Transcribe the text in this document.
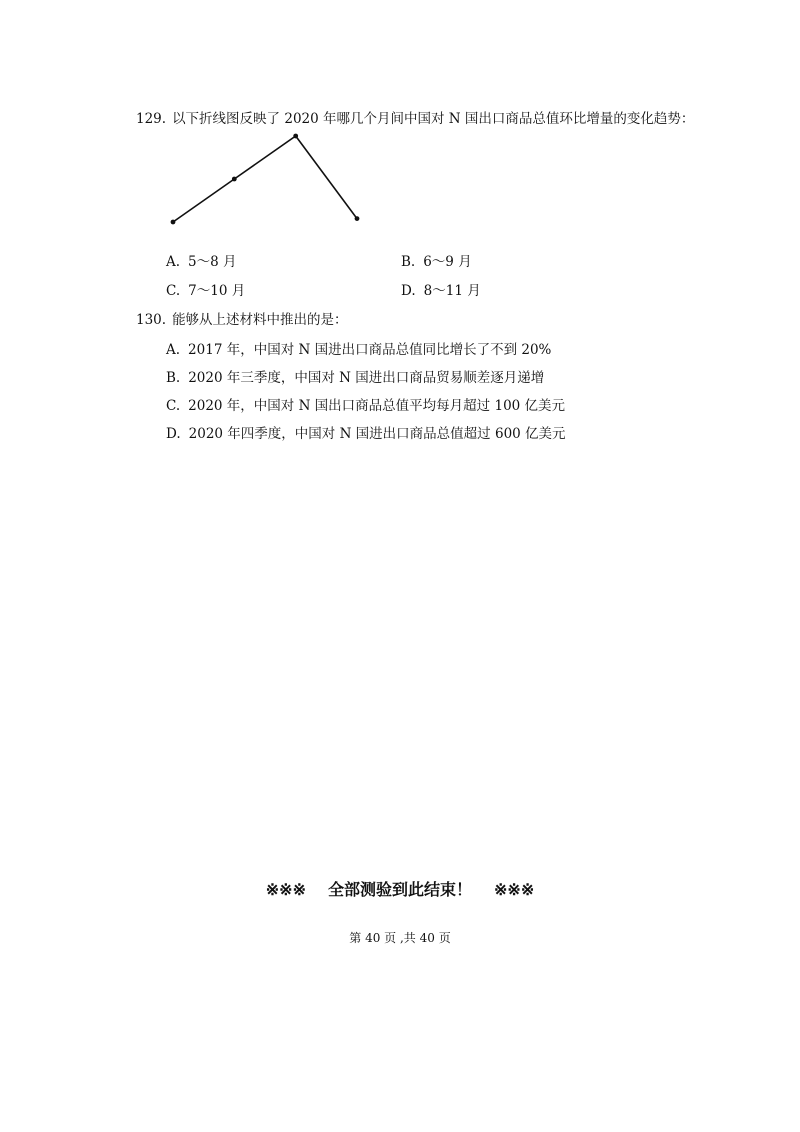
129. 以下折线图反映了 2020 年哪几个月间中国对 N 国出口商品总值环比增量的变化趋势：
A. 5～8 月	B. 6～9 月
C. 7～10 月	D. 8～11 月
130. 能够从上述材料中推出的是：
A. 2017 年，中国对 N 国进出口商品总值同比增长了不到 20%
B. 2020 年三季度，中国对 N 国进出口商品贸易顺差逐月递增
C. 2020 年，中国对 N 国出口商品总值平均每月超过 100 亿美元
D. 2020 年四季度，中国对 N 国进出口商品总值超过 600 亿美元
※※※ 全部测验到此结束！ ※※※
第 40 页 ,共 40 页
